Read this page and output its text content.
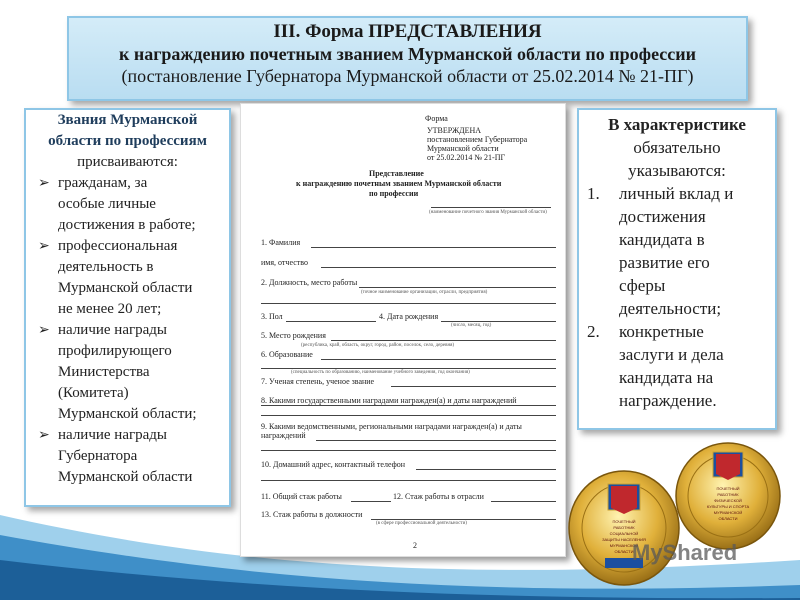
III. Форма ПРЕДСТАВЛЕНИЯ
к награждению почетным званием Мурманской области по профессии
(постановление Губернатора Мурманской области от 25.02.2014 № 21-ПГ)
Звания Мурманской
области по профессиям
присваиваются:
➢ гражданам, за
особые личные
достижения в работе;
➢ профессиональная
деятельность в
Мурманской области
не менее 20 лет;
➢ наличие награды
профилирующего
Министерства
(Комитета)
Мурманской области;
➢ наличие награды
Губернатора
Мурманской области
Форма
УТВЕРЖДЕНА
постановлением Губернатора
Мурманской области
от 25.02.2014 № 21-ПГ
Представление
к награждению почетным званием Мурманской области
по профессии
(наименование почетного звания Мурманской области)
1. Фамилия
имя, отчество
2. Должность, место работы
(точное наименование организации, отрасли, предприятия)
3. Пол	4. Дата рождения
(число, месяц, год)
5. Место рождения
(республика, край, область, округ, город, район, поселок, село, деревня)
6. Образование
(специальность по образованию, наименование учебного заведения, год окончания)
7. Ученая степень, ученое звание
8. Какими государственными наградами награжден(а) и даты награждений
9. Какими ведомственными, региональными наградами награжден(а) и даты
награждений
10. Домашний адрес, контактный телефон
11. Общий стаж работы	12. Стаж работы в отрасли
13. Стаж работы в должности
(в сфере профессиональной деятельности)
2
В характеристике
обязательно
указываются:
1. личный вклад и
достижения
кандидата в
развитие его
сферы
деятельности;
2. конкретные
заслуги и дела
кандидата на
награждение.
ПОЧЕТНЫЙ
РАБОТНИК
СОЦИАЛЬНОЙ
ЗАЩИТЫ НАСЕЛЕНИЯ
МУРМАНСКОЙ
ОБЛАСТИ
ПОЧЕТНЫЙ
РАБОТНИК
ФИЗИЧЕСКОЙ
КУЛЬТУРЫ И СПОРТА
МУРМАНСКОЙ
ОБЛАСТИ
MyShared
